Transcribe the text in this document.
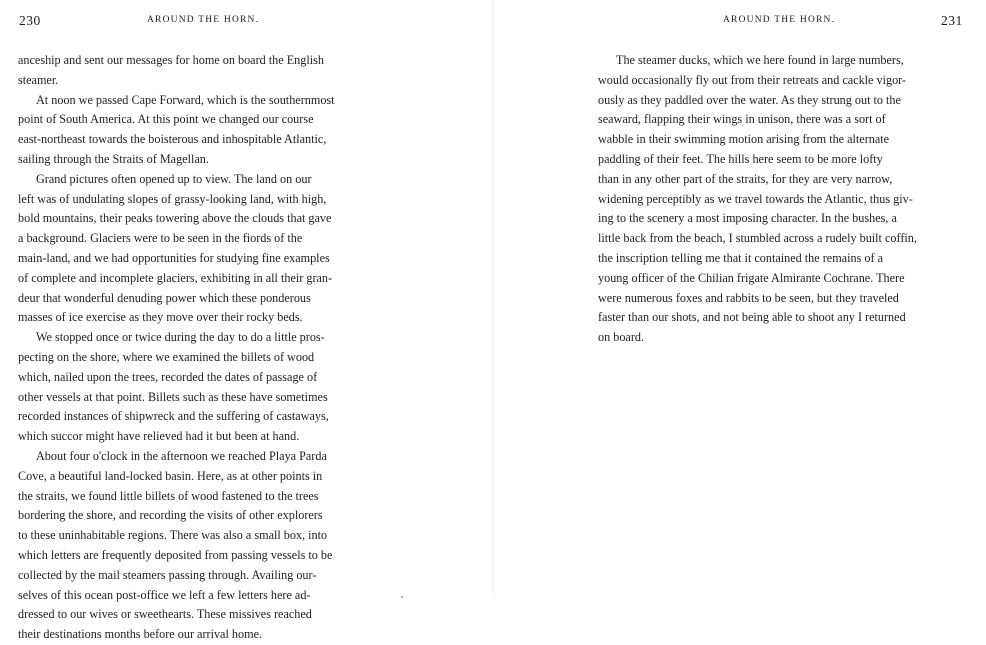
230	AROUND THE HORN.

anceship and sent our messages for home on board the English
steamer.

At noon we passed Cape Forward, which is the southernmost
point of South America. At this point we changed our course
east-northeast towards the boisterous and inhospitable Atlantic,
sailing through the Straits of Magellan.

Grand pictures often opened up to view. The land on our
left was of undulating slopes of grassy-looking land, with high,
bold mountains, their peaks towering above the clouds that gave
a background. Glaciers were to be seen in the fiords of the
main-land, and we had opportunities for studying fine examples
of complete and incomplete glaciers, exhibiting in all their gran-
deur that wonderful denuding power which these ponderous
masses of ice exercise as they move over their rocky beds.

We stopped once or twice during the day to do a little pros-
pecting on the shore, where we examined the billets of wood
which, nailed upon the trees, recorded the dates of passage of
other vessels at that point. Billets such as these have sometimes
recorded instances of shipwreck and the suffering of castaways,
which succor might have relieved had it but been at hand.

About four o'clock in the afternoon we reached Playa Parda
Cove, a beautiful land-locked basin. Here, as at other points in
the straits, we found little billets of wood fastened to the trees
bordering the shore, and recording the visits of other explorers
to these uninhabitable regions. There was also a small box, into
which letters are frequently deposited from passing vessels to be
collected by the mail steamers passing through. Availing our-
selves of this ocean post-office we left a few letters here ad-
dressed to our wives or sweethearts. These missives reached
their destinations months before our arrival home.

AROUND THE HORN.	231

The steamer ducks, which we here found in large numbers,
would occasionally fly out from their retreats and cackle vigor-
ously as they paddled over the water. As they strung out to the
seaward, flapping their wings in unison, there was a sort of
wabble in their swimming motion arising from the alternate
paddling of their feet. The hills here seem to be more lofty
than in any other part of the straits, for they are very narrow,
widening perceptibly as we travel towards the Atlantic, thus giv-
ing to the scenery a most imposing character. In the bushes, a
little back from the beach, I stumbled across a rudely built coffin,
the inscription telling me that it contained the remains of a
young officer of the Chilian frigate Almirante Cochrane. There
were numerous foxes and rabbits to be seen, but they traveled
faster than our shots, and not being able to shoot any I returned
on board.
